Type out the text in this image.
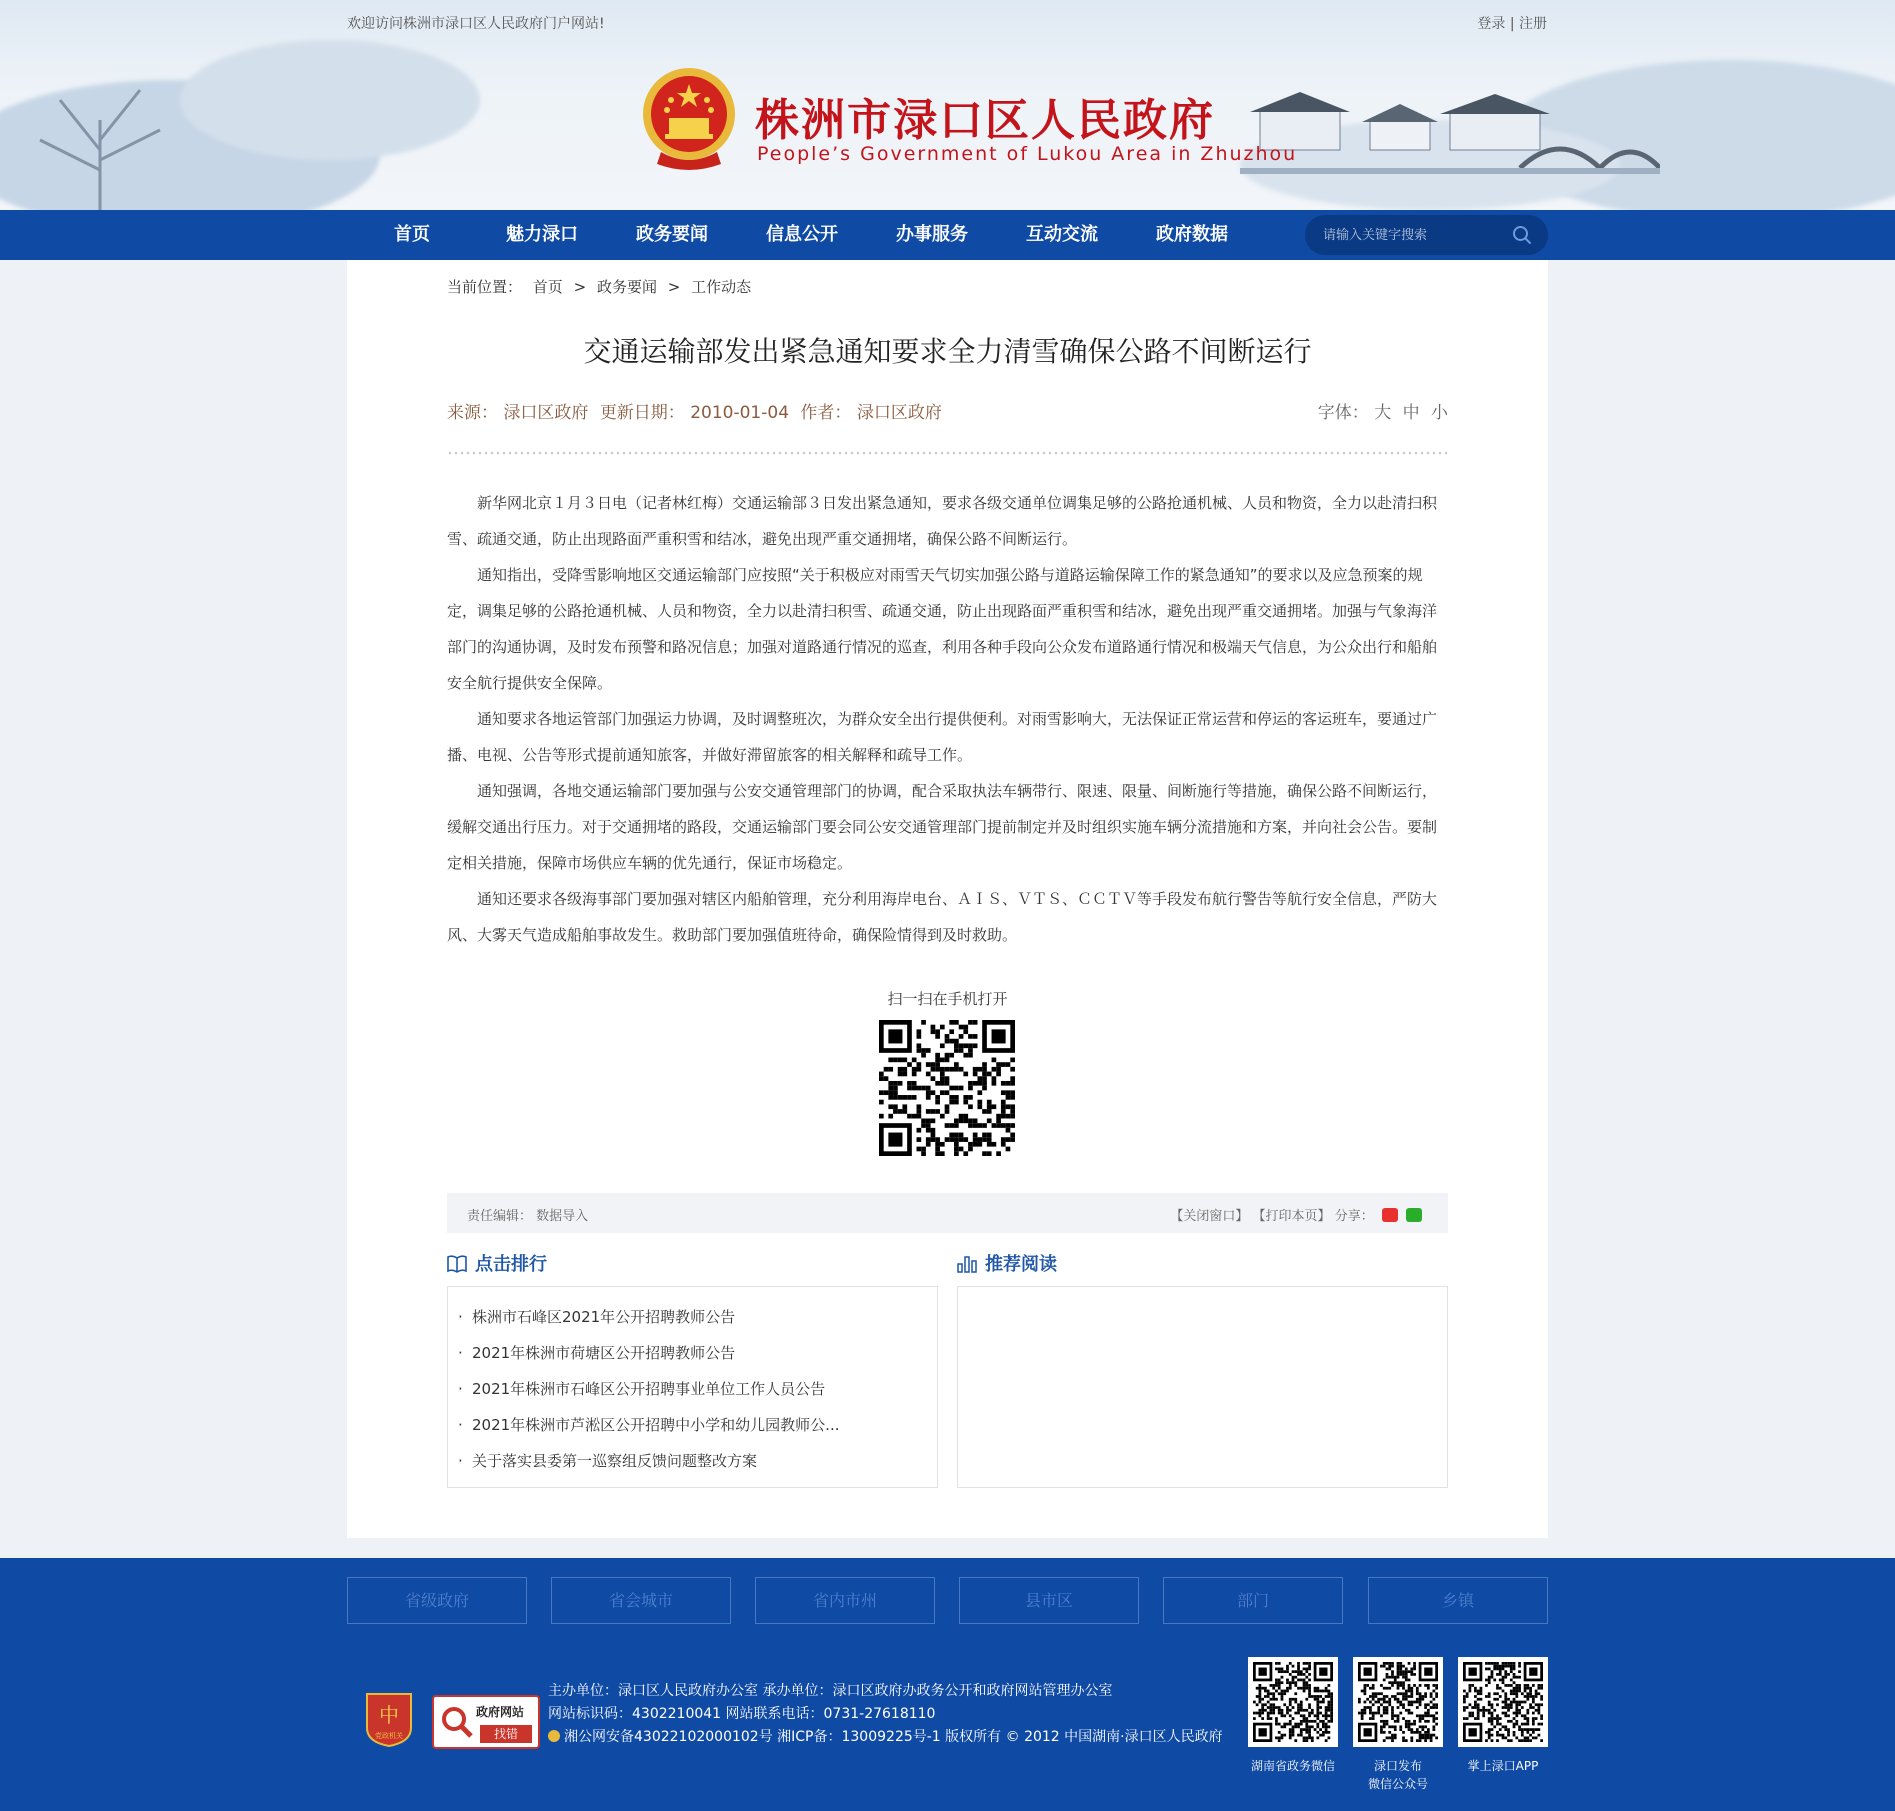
欢迎访问株洲市渌口区人民政府门户网站!	登录 | 注册
株洲市渌口区人民政府
People’s Government of Lukou Area in Zhuzhou
首页	魅力渌口	政务要闻	信息公开	办事服务	互动交流	政府数据
请输入关键字搜索
当前位置： 首页 > 政务要闻 > 工作动态
交通运输部发出紧急通知要求全力清雪确保公路不间断运行
来源： 渌口区政府 更新日期： 2010-01-04 作者： 渌口区政府	字体： 大 中 小

新华网北京１月３日电（记者林红梅）交通运输部３日发出紧急通知，要求各级交通单位调集足够的公路抢通机械、人员和物资，全力以赴清扫积雪、疏通交通，防止出现路面严重积雪和结冰，避免出现严重交通拥堵，确保公路不间断运行。

通知指出，受降雪影响地区交通运输部门应按照“关于积极应对雨雪天气切实加强公路与道路运输保障工作的紧急通知”的要求以及应急预案的规定，调集足够的公路抢通机械、人员和物资，全力以赴清扫积雪、疏通交通，防止出现路面严重积雪和结冰，避免出现严重交通拥堵。加强与气象海洋部门的沟通协调，及时发布预警和路况信息；加强对道路通行情况的巡查，利用各种手段向公众发布道路通行情况和极端天气信息，为公众出行和船舶安全航行提供安全保障。

通知要求各地运管部门加强运力协调，及时调整班次，为群众安全出行提供便利。对雨雪影响大，无法保证正常运营和停运的客运班车，要通过广播、电视、公告等形式提前通知旅客，并做好滞留旅客的相关解释和疏导工作。

通知强调，各地交通运输部门要加强与公安交通管理部门的协调，配合采取执法车辆带行、限速、限量、间断施行等措施，确保公路不间断运行，缓解交通出行压力。对于交通拥堵的路段，交通运输部门要会同公安交通管理部门提前制定并及时组织实施车辆分流措施和方案，并向社会公告。要制定相关措施，保障市场供应车辆的优先通行，保证市场稳定。

通知还要求各级海事部门要加强对辖区内船舶管理，充分利用海岸电台、ＡＩＳ、ＶＴＳ、ＣＣＴＶ等手段发布航行警告等航行安全信息，严防大风、大雾天气造成船舶事故发生。救助部门要加强值班待命，确保险情得到及时救助。

扫一扫在手机打开
责任编辑： 数据导入	【关闭窗口】 【打印本页】 分享：
点击排行	推荐阅读
· 株洲市石峰区2021年公开招聘教师公告
· 2021年株洲市荷塘区公开招聘教师公告
· 2021年株洲市石峰区公开招聘事业单位工作人员公告
· 2021年株洲市芦淞区公开招聘中小学和幼儿园教师公...
· 关于落实县委第一巡察组反馈问题整改方案
省级政府	省会城市	省内市州	县市区	部门	乡镇
中
党政机关
政府网站
找错
主办单位：渌口区人民政府办公室 承办单位：渌口区政府办政务公开和政府网站管理办公室
网站标识码：4302210041 网站联系电话：0731-27618110
湘公网安备43022102000102号 湘ICP备：13009225号-1 版权所有 © 2012 中国湖南·渌口区人民政府
湖南省政务微信	渌口发布
微信公众号
掌上渌口APP
